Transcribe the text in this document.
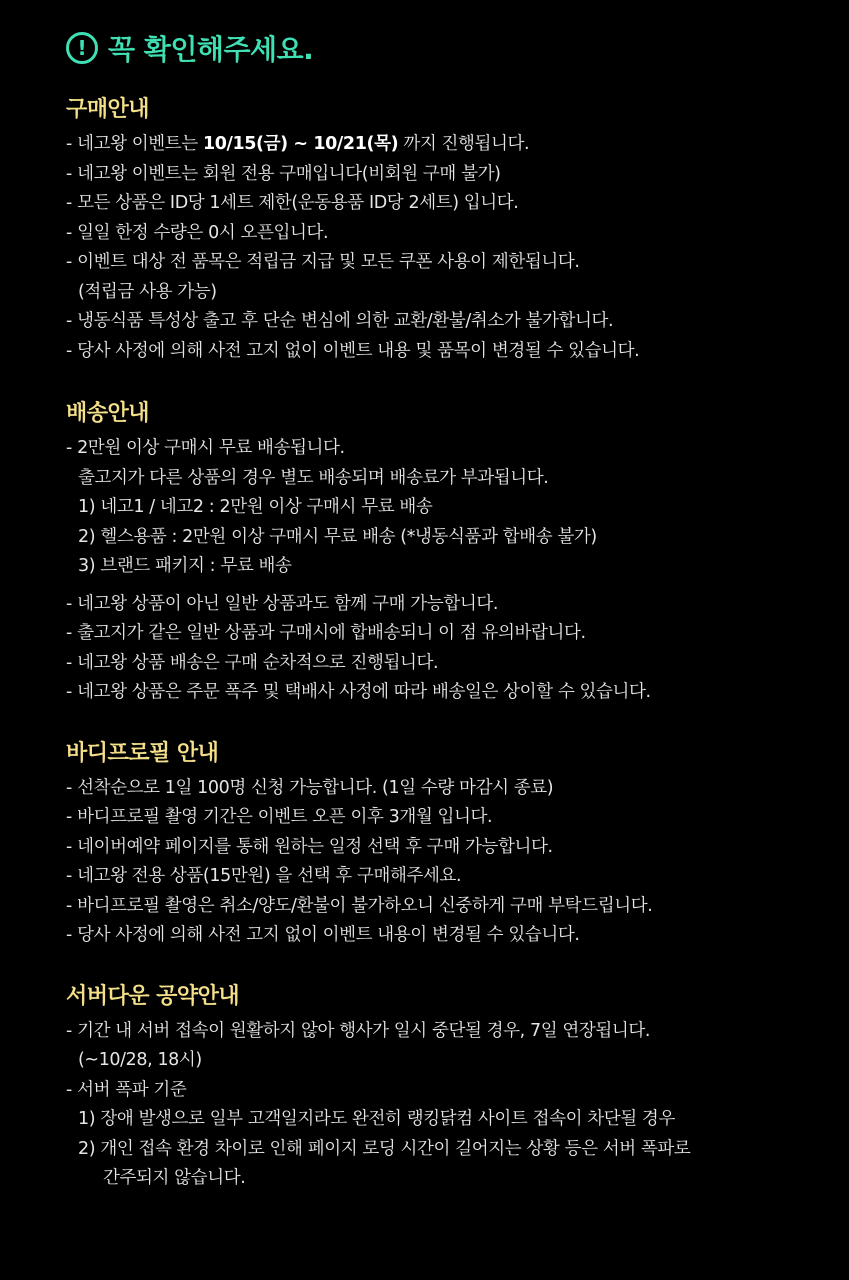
! 꼭 확인해주세요.
구매안내
- 네고왕 이벤트는 10/15(금) ~ 10/21(목) 까지 진행됩니다.
- 네고왕 이벤트는 회원 전용 구매입니다(비회원 구매 불가)
- 모든 상품은 ID당 1세트 제한(운동용품 ID당 2세트) 입니다.
- 일일 한정 수량은 0시 오픈입니다.
- 이벤트 대상 전 품목은 적립금 지급 및 모든 쿠폰 사용이 제한됩니다.
(적립금 사용 가능)
- 냉동식품 특성상 출고 후 단순 변심에 의한 교환/환불/취소가 불가합니다.
- 당사 사정에 의해 사전 고지 없이 이벤트 내용 및 품목이 변경될 수 있습니다.
배송안내
- 2만원 이상 구매시 무료 배송됩니다.
출고지가 다른 상품의 경우 별도 배송되며 배송료가 부과됩니다.
1) 네고1 / 네고2 : 2만원 이상 구매시 무료 배송
2) 헬스용품 : 2만원 이상 구매시 무료 배송 (*냉동식품과 합배송 불가)
3) 브랜드 패키지 : 무료 배송
- 네고왕 상품이 아닌 일반 상품과도 함께 구매 가능합니다.
- 출고지가 같은 일반 상품과 구매시에 합배송되니 이 점 유의바랍니다.
- 네고왕 상품 배송은 구매 순차적으로 진행됩니다.
- 네고왕 상품은 주문 폭주 및 택배사 사정에 따라 배송일은 상이할 수 있습니다.
바디프로필 안내
- 선착순으로 1일 100명 신청 가능합니다. (1일 수량 마감시 종료)
- 바디프로필 촬영 기간은 이벤트 오픈 이후 3개월 입니다.
- 네이버예약 페이지를 통해 원하는 일정 선택 후 구매 가능합니다.
- 네고왕 전용 상품(15만원) 을 선택 후 구매해주세요.
- 바디프로필 촬영은 취소/양도/환불이 불가하오니 신중하게 구매 부탁드립니다.
- 당사 사정에 의해 사전 고지 없이 이벤트 내용이 변경될 수 있습니다.
서버다운 공약안내
- 기간 내 서버 접속이 원활하지 않아 행사가 일시 중단될 경우, 7일 연장됩니다.
(~10/28, 18시)
- 서버 폭파 기준
1) 장애 발생으로 일부 고객일지라도 완전히 랭킹닭컴 사이트 접속이 차단될 경우
2) 개인 접속 환경 차이로 인해 페이지 로딩 시간이 길어지는 상황 등은 서버 폭파로
간주되지 않습니다.
